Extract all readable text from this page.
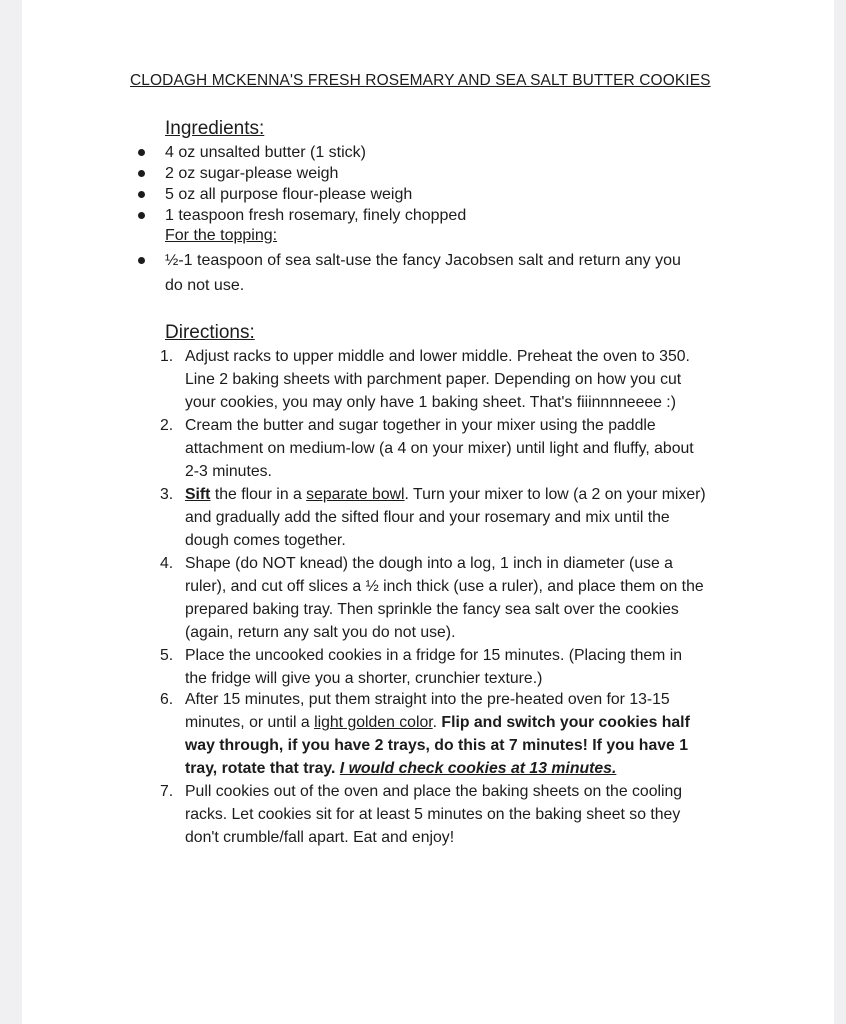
CLODAGH MCKENNA'S FRESH ROSEMARY AND SEA SALT BUTTER COOKIES
Ingredients:
4 oz unsalted butter (1 stick)
2 oz sugar-please weigh
5 oz all purpose flour-please weigh
1 teaspoon fresh rosemary, finely chopped
For the topping:
½-1 teaspoon of sea salt-use the fancy Jacobsen salt and return any you
do not use.
Directions:
1. Adjust racks to upper middle and lower middle. Preheat the oven to 350.
Line 2 baking sheets with parchment paper. Depending on how you cut
your cookies, you may only have 1 baking sheet. That's fiiinnnneeee :)
2. Cream the butter and sugar together in your mixer using the paddle
attachment on medium-low (a 4 on your mixer) until light and fluffy, about
2-3 minutes.
3. Sift the flour in a separate bowl. Turn your mixer to low (a 2 on your mixer)
and gradually add the sifted flour and your rosemary and mix until the
dough comes together.
4. Shape (do NOT knead) the dough into a log, 1 inch in diameter (use a
ruler), and cut off slices a ½ inch thick (use a ruler), and place them on the
prepared baking tray. Then sprinkle the fancy sea salt over the cookies
(again, return any salt you do not use).
5. Place the uncooked cookies in a fridge for 15 minutes. (Placing them in
the fridge will give you a shorter, crunchier texture.)
6. After 15 minutes, put them straight into the pre-heated oven for 13-15
minutes, or until a light golden color. Flip and switch your cookies half
way through, if you have 2 trays, do this at 7 minutes! If you have 1
tray, rotate that tray. I would check cookies at 13 minutes.
7. Pull cookies out of the oven and place the baking sheets on the cooling
racks. Let cookies sit for at least 5 minutes on the baking sheet so they
don't crumble/fall apart. Eat and enjoy!
